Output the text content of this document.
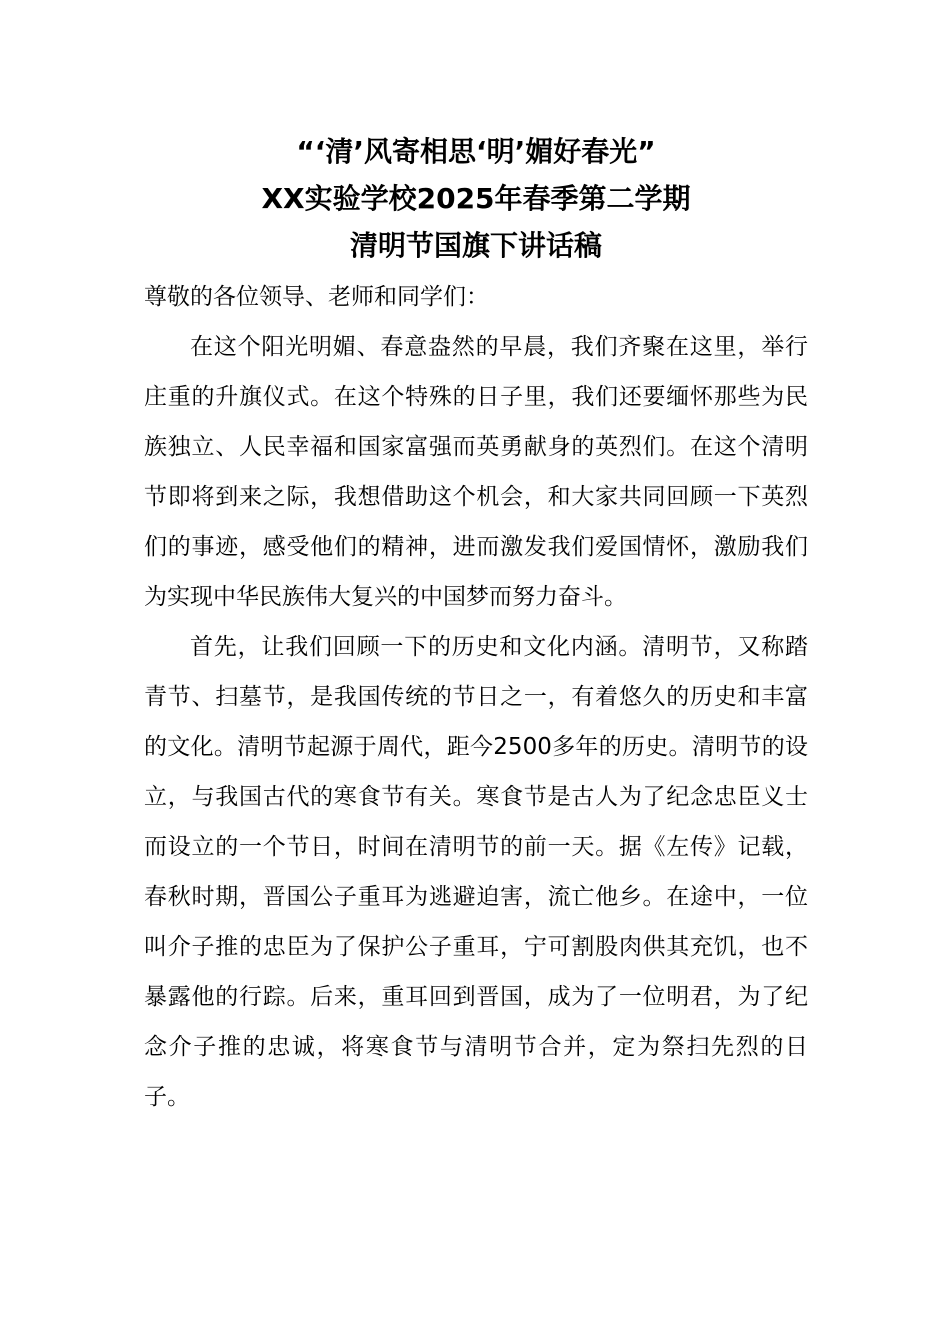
“‘清’风寄相思‘明’媚好春光”
XX实验学校2025年春季第二学期
清明节国旗下讲话稿
尊敬的各位领导、老师和同学们：

在这个阳光明媚、春意盎然的早晨，我们齐聚在这里，举行庄重的升旗仪式。在这个特殊的日子里，我们还要缅怀那些为民族独立、人民幸福和国家富强而英勇献身的英烈们。在这个清明节即将到来之际，我想借助这个机会，和大家共同回顾一下英烈们的事迹，感受他们的精神，进而激发我们爱国情怀，激励我们为实现中华民族伟大复兴的中国梦而努力奋斗。

首先，让我们回顾一下的历史和文化内涵。清明节，又称踏青节、扫墓节，是我国传统的节日之一，有着悠久的历史和丰富的文化。清明节起源于周代，距今2500多年的历史。清明节的设立，与我国古代的寒食节有关。寒食节是古人为了纪念忠臣义士而设立的一个节日，时间在清明节的前一天。据《左传》记载，春秋时期，晋国公子重耳为逃避迫害，流亡他乡。在途中，一位叫介子推的忠臣为了保护公子重耳，宁可割股肉供其充饥，也不暴露他的行踪。后来，重耳回到晋国，成为了一位明君，为了纪念介子推的忠诚，将寒食节与清明节合并，定为祭扫先烈的日子。
